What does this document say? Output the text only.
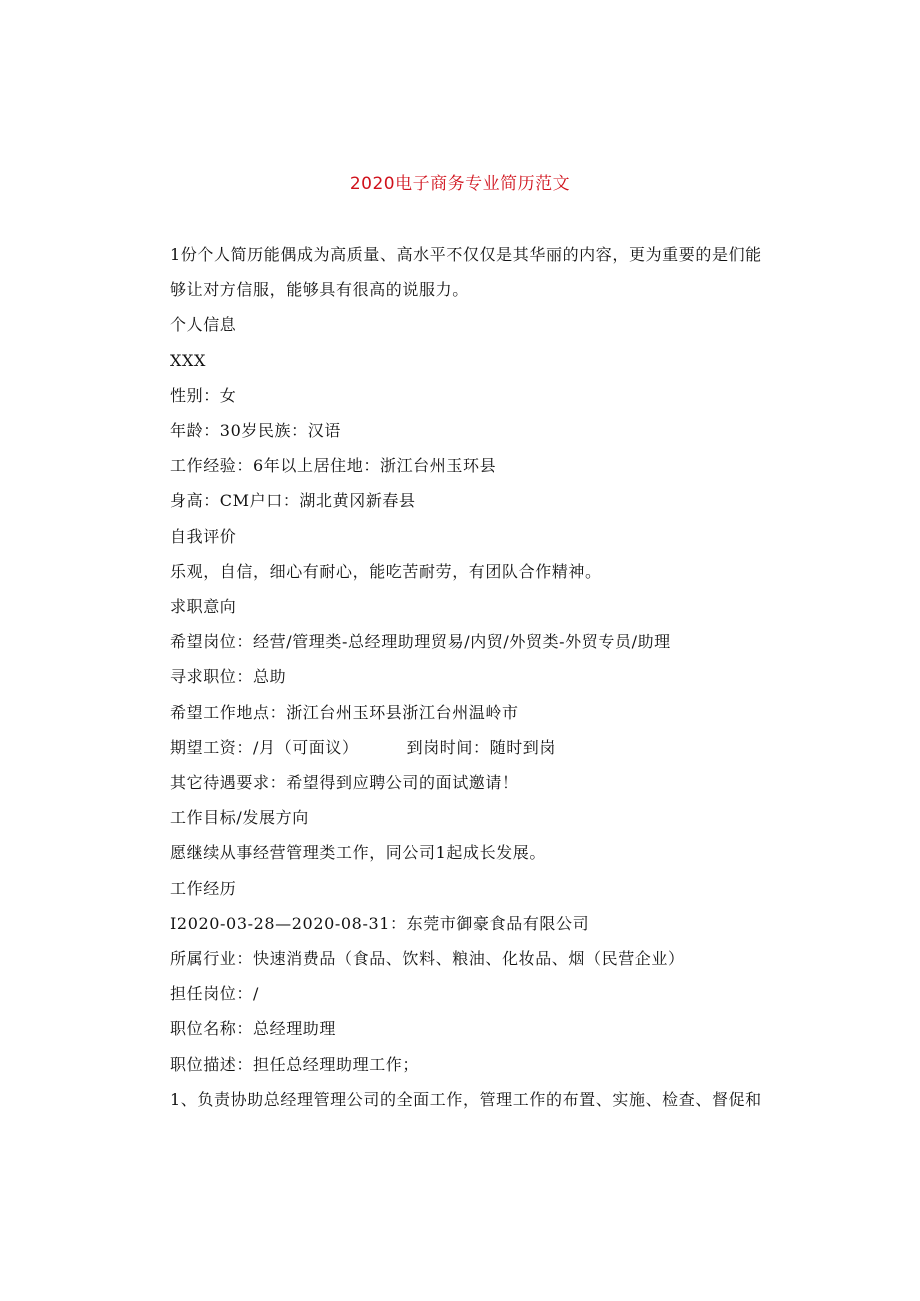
2020电子商务专业简历范文

1份个人简历能偶成为高质量、高水平不仅仅是其华丽的内容，更为重要的是们能
够让对方信服，能够具有很高的说服力。

个人信息

XXX

性别：女

年龄：30岁民族：汉语

工作经验：6年以上居住地：浙江台州玉环县

身高：CM户口：湖北黄冈新春县

自我评价

乐观，自信，细心有耐心，能吃苦耐劳，有团队合作精神。

求职意向

希望岗位：经营/管理类-总经理助理贸易/内贸/外贸类-外贸专员/助理

寻求职位：总助

希望工作地点：浙江台州玉环县浙江台州温岭市

期望工资：/月（可面议）	到岗时间：随时到岗

其它待遇要求：希望得到应聘公司的面试邀请！

工作目标/发展方向

愿继续从事经营管理类工作，同公司1起成长发展。

工作经历

I2020-03-28—2020-08-31：东莞市御豪食品有限公司

所属行业：快速消费品（食品、饮料、粮油、化妆品、烟（民营企业）

担任岗位：/

职位名称：总经理助理

职位描述：担任总经理助理工作；

1、负责协助总经理管理公司的全面工作，管理工作的布置、实施、检查、督促和
